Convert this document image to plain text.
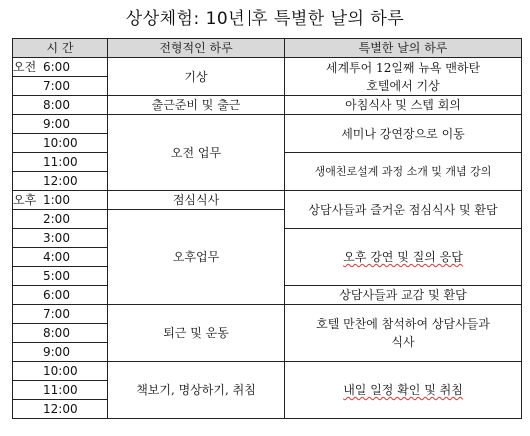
상상체험: 10년 후 특별한 날의 하루
시 간	전형적인 하루	특별한 날의 하루
오전 6:00	기상	세계투어 12일째 뉴욕 맨하탄
호텔에서 기상
7:00		
8:00	출근준비 및 출근	아침식사 및 스텝 회의
9:00	오전 업무	세미나 강연장으로 이동
10:00		
11:00		생애친로설계 과정 소개 및 개념 강의
12:00		
오후 1:00	점심식사	상담사들과 즐거운 점심식사 및 환담
2:00	오후업무	
3:00		오후 강연 및 질의 응답
4:00		
5:00		
6:00		상담사들과 교감 및 환담
7:00	퇴근 및 운동	호텔 만찬에 참석하여 상담사들과
식사
8:00		
9:00		
10:00	책보기, 명상하기, 취침	내일 일정 확인 및 취침
11:00		
12:00		
